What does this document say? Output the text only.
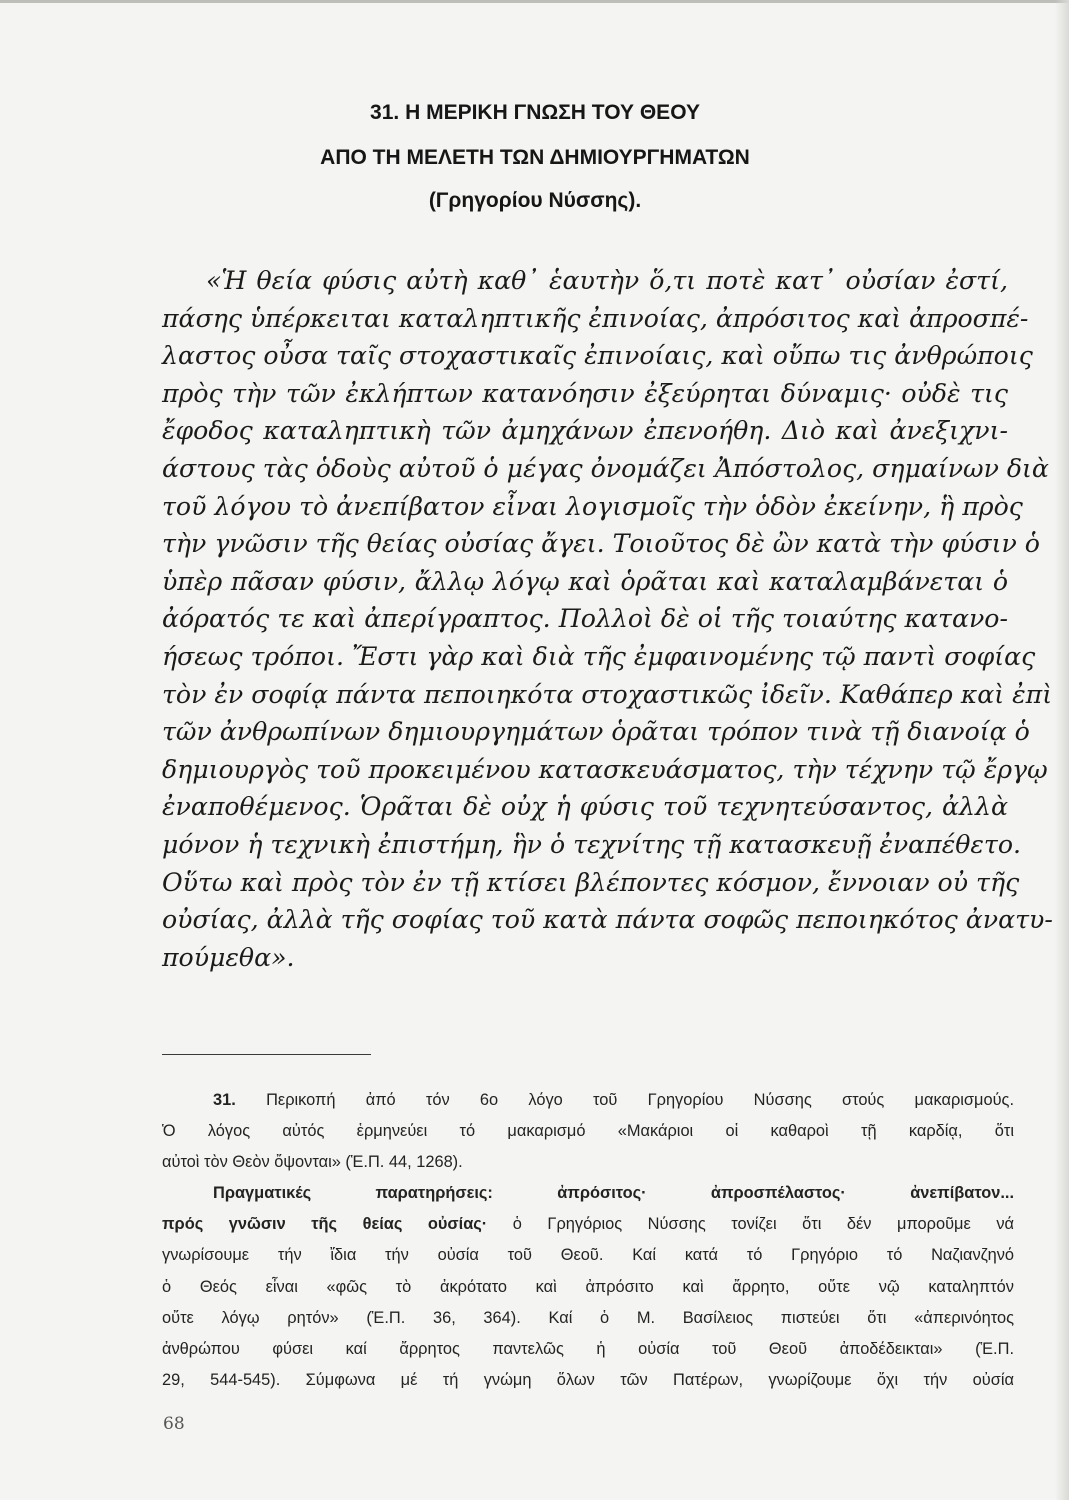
31. Η ΜΕΡΙΚΗ ΓΝΩΣΗ ΤΟΥ ΘΕΟΥ
ΑΠΟ ΤΗ ΜΕΛΕΤΗ ΤΩΝ ΔΗΜΙΟΥΡΓΗΜΑΤΩΝ
(Γρηγορίου Νύσσης).
«Ἡ θεία φύσις αὐτὴ καθ᾽ ἑαυτὴν ὅ,τι ποτὲ κατ᾽ οὐσίαν ἐστί,
πάσης ὑπέρκειται καταληπτικῆς ἐπινοίας, ἀπρόσιτος καὶ ἀπροσπέ-
λαστος οὖσα ταῖς στοχαστικαῖς ἐπινοίαις, καὶ οὔπω τις ἀνθρώποις
πρὸς τὴν τῶν ἐκλήπτων κατανόησιν ἐξεύρηται δύναμις· οὐδὲ τις
ἔφοδος καταληπτικὴ τῶν ἀμηχάνων ἐπενοήθη. Διὸ καὶ ἀνεξιχνι-
άστους τὰς ὁδοὺς αὐτοῦ ὁ μέγας ὀνομάζει Ἀπόστολος, σημαίνων διὰ
τοῦ λόγου τὸ ἀνεπίβατον εἶναι λογισμοῖς τὴν ὁδὸν ἐκείνην, ἣ πρὸς
τὴν γνῶσιν τῆς θείας οὐσίας ἄγει. Τοιοῦτος δὲ ὢν κατὰ τὴν φύσιν ὁ
ὑπὲρ πᾶσαν φύσιν, ἄλλῳ λόγῳ καὶ ὁρᾶται καὶ καταλαμβάνεται ὁ
ἀόρατός τε καὶ ἀπερίγραπτος. Πολλοὶ δὲ οἱ τῆς τοιαύτης κατανο-
ήσεως τρόποι. Ἔστι γὰρ καὶ διὰ τῆς ἐμφαινομένης τῷ παντὶ σοφίας
τὸν ἐν σοφίᾳ πάντα πεποιηκότα στοχαστικῶς ἰδεῖν. Καθάπερ καὶ ἐπὶ
τῶν ἀνθρωπίνων δημιουργημάτων ὁρᾶται τρόπον τινὰ τῇ διανοίᾳ ὁ
δημιουργὸς τοῦ προκειμένου κατασκευάσματος, τὴν τέχνην τῷ ἔργῳ
ἐναποθέμενος. Ὁρᾶται δὲ οὐχ ἡ φύσις τοῦ τεχνητεύσαντος, ἀλλὰ
μόνον ἡ τεχνικὴ ἐπιστήμη, ἣν ὁ τεχνίτης τῇ κατασκευῇ ἐναπέθετο.
Οὕτω καὶ πρὸς τὸν ἐν τῇ κτίσει βλέποντες κόσμον, ἔννοιαν οὐ τῆς
οὐσίας, ἀλλὰ τῆς σοφίας τοῦ κατὰ πάντα σοφῶς πεποιηκότος ἀνατυ-
πούμεθα».
31. Περικοπή ἀπό τόν 6ο λόγο τοῦ Γρηγορίου Νύσσης στούς μακαρισμούς.
Ὁ λόγος αὐτός ἑρμηνεύει τό μακαρισμό «Μακάριοι οἱ καθαροὶ τῇ καρδίᾳ, ὅτι
αὐτοὶ τὸν Θεὸν ὄψονται» (Ἑ.Π. 44, 1268).
Πραγματικές παρατηρήσεις: ἀπρόσιτος· ἀπροσπέλαστος· ἀνεπίβατον...
πρός γνῶσιν τῆς θείας οὐσίας· ὁ Γρηγόριος Νύσσης τονίζει ὅτι δέν μποροῦμε νά
γνωρίσουμε τήν ἴδια τήν οὐσία τοῦ Θεοῦ. Καί κατά τό Γρηγόριο τό Ναζιανζηνό
ὁ Θεός εἶναι «φῶς τὸ ἀκρότατο καὶ ἀπρόσιτο καὶ ἄρρητο, οὔτε νῷ καταληπτόν
οὔτε λόγῳ ρητόν» (Ἑ.Π. 36, 364). Καί ὁ Μ. Βασίλειος πιστεύει ὅτι «ἀπερινόητος
ἀνθρώπου φύσει καί ἄρρητος παντελῶς ἡ οὐσία τοῦ Θεοῦ ἀποδέδεικται» (Ἑ.Π.
29, 544-545). Σύμφωνα μέ τή γνώμη ὅλων τῶν Πατέρων, γνωρίζουμε ὄχι τήν οὐσία
68
